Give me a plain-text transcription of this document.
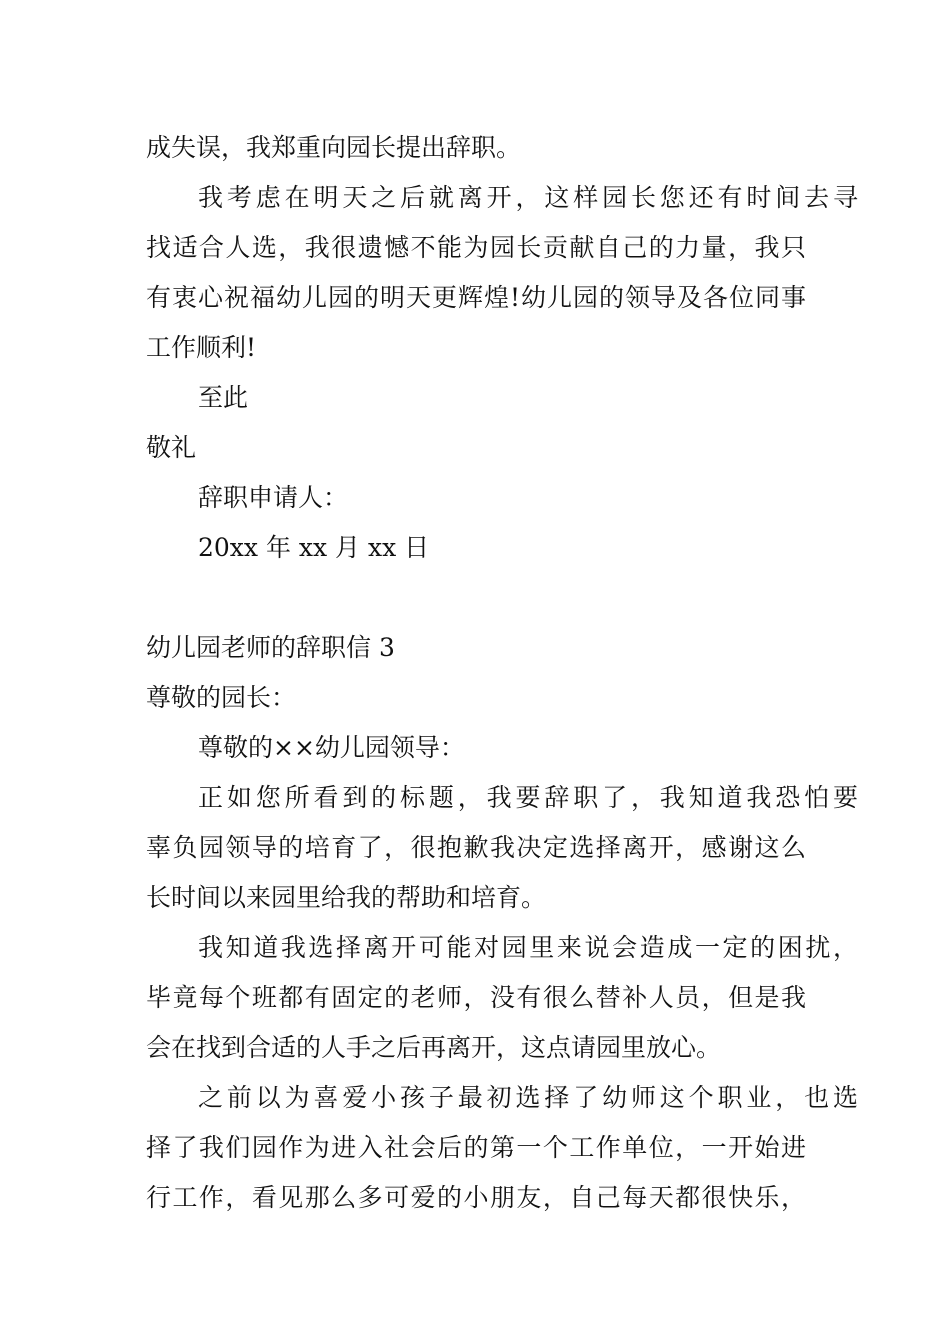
成失误，我郑重向园长提出辞职。
我考虑在明天之后就离开，这样园长您还有时间去寻
找适合人选，我很遗憾不能为园长贡献自己的力量，我只
有衷心祝福幼儿园的明天更辉煌!幼儿园的领导及各位同事
工作顺利!
至此
敬礼
辞职申请人：
20xx 年 xx 月 xx 日
幼儿园老师的辞职信 3
尊敬的园长：
尊敬的××幼儿园领导：
正如您所看到的标题，我要辞职了，我知道我恐怕要
辜负园领导的培育了，很抱歉我决定选择离开，感谢这么
长时间以来园里给我的帮助和培育。
我知道我选择离开可能对园里来说会造成一定的困扰，
毕竟每个班都有固定的老师，没有很么替补人员，但是我
会在找到合适的人手之后再离开，这点请园里放心。
之前以为喜爱小孩子最初选择了幼师这个职业，也选
择了我们园作为进入社会后的第一个工作单位，一开始进
行工作，看见那么多可爱的小朋友，自己每天都很快乐，
